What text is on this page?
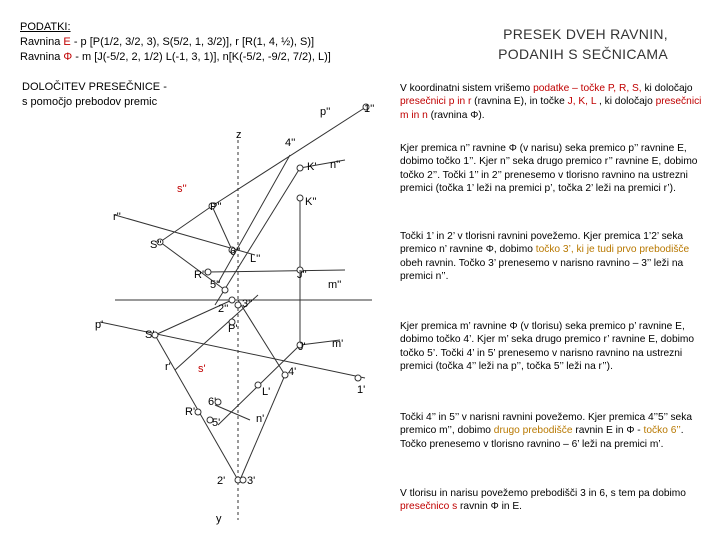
PODATKI:
Ravnina E - p [P(1/2, 3/2, 3), S(5/2, 1, 3/2)], r [R(1, 4, ½), S)]
Ravnina Φ - m [J(-5/2, 2, 1/2) L(-1, 3, 1)], n[K(-5/2, -9/2, 7/2), L)]
PRESEK DVEH RAVNIN,
PODANIH S SEČNICAMA
DOLOČITEV PRESEČNICE -
s pomočjo prebodov premic
p''	1''
z
4''
K' n''
s''
P''	K''
r''
S''
6''
L''
R''	J''
5''	m''
2'' 3''
p'
S'	P'
J' m'
r' s'	4'
1'
L'
6'
R'
5'	n'
2' 3'
y
V koordinatni sistem vrišemo podatke – točke P, R, S, ki določajo presečnici p in r (ravnina E), in točke J, K, L , ki določajo presečnici m in n (ravnina Φ).
Kjer premica n’’ ravnine Φ (v narisu) seka premico p’’ ravnine E, dobimo točko 1’’. Kjer n’’ seka drugo premico r’’ ravnine E, dobimo točko 2’’. Točki 1’’ in 2’’ prenesemo v tlorisno ravnino na ustrezni premici (točka 1’ leži na premici p’, točka 2’ leži na premici r’).
Točki 1’ in 2’ v tlorisni ravnini povežemo. Kjer premica 1’2’ seka premico n’ ravnine Φ, dobimo točko 3’, ki je tudi prvo prebodišče obeh ravnin. Točko 3’ prenesemo v narisno ravnino – 3’’ leži na premici n’’.
Kjer premica m’ ravnine Φ (v tlorisu) seka premico p’ ravnine E, dobimo točko 4’. Kjer m’ seka drugo premico r’ ravnine E, dobimo točko 5’. Točki 4’ in 5’ prenesemo v narisno ravnino na ustrezni premici (točka 4’’ leži na p’’, točka 5’’ leži na r’’).
Točki 4’’ in 5’’ v narisni ravnini povežemo. Kjer premica 4’’5’’ seka premico m’’, dobimo drugo prebodišče ravnin E in Φ - točko 6’’. Točko prenesemo v tlorisno ravnino – 6’ leži na premici m’.
V tlorisu in narisu povežemo prebodišči 3 in 6, s tem pa dobimo presečnico s ravnin Φ in E.
